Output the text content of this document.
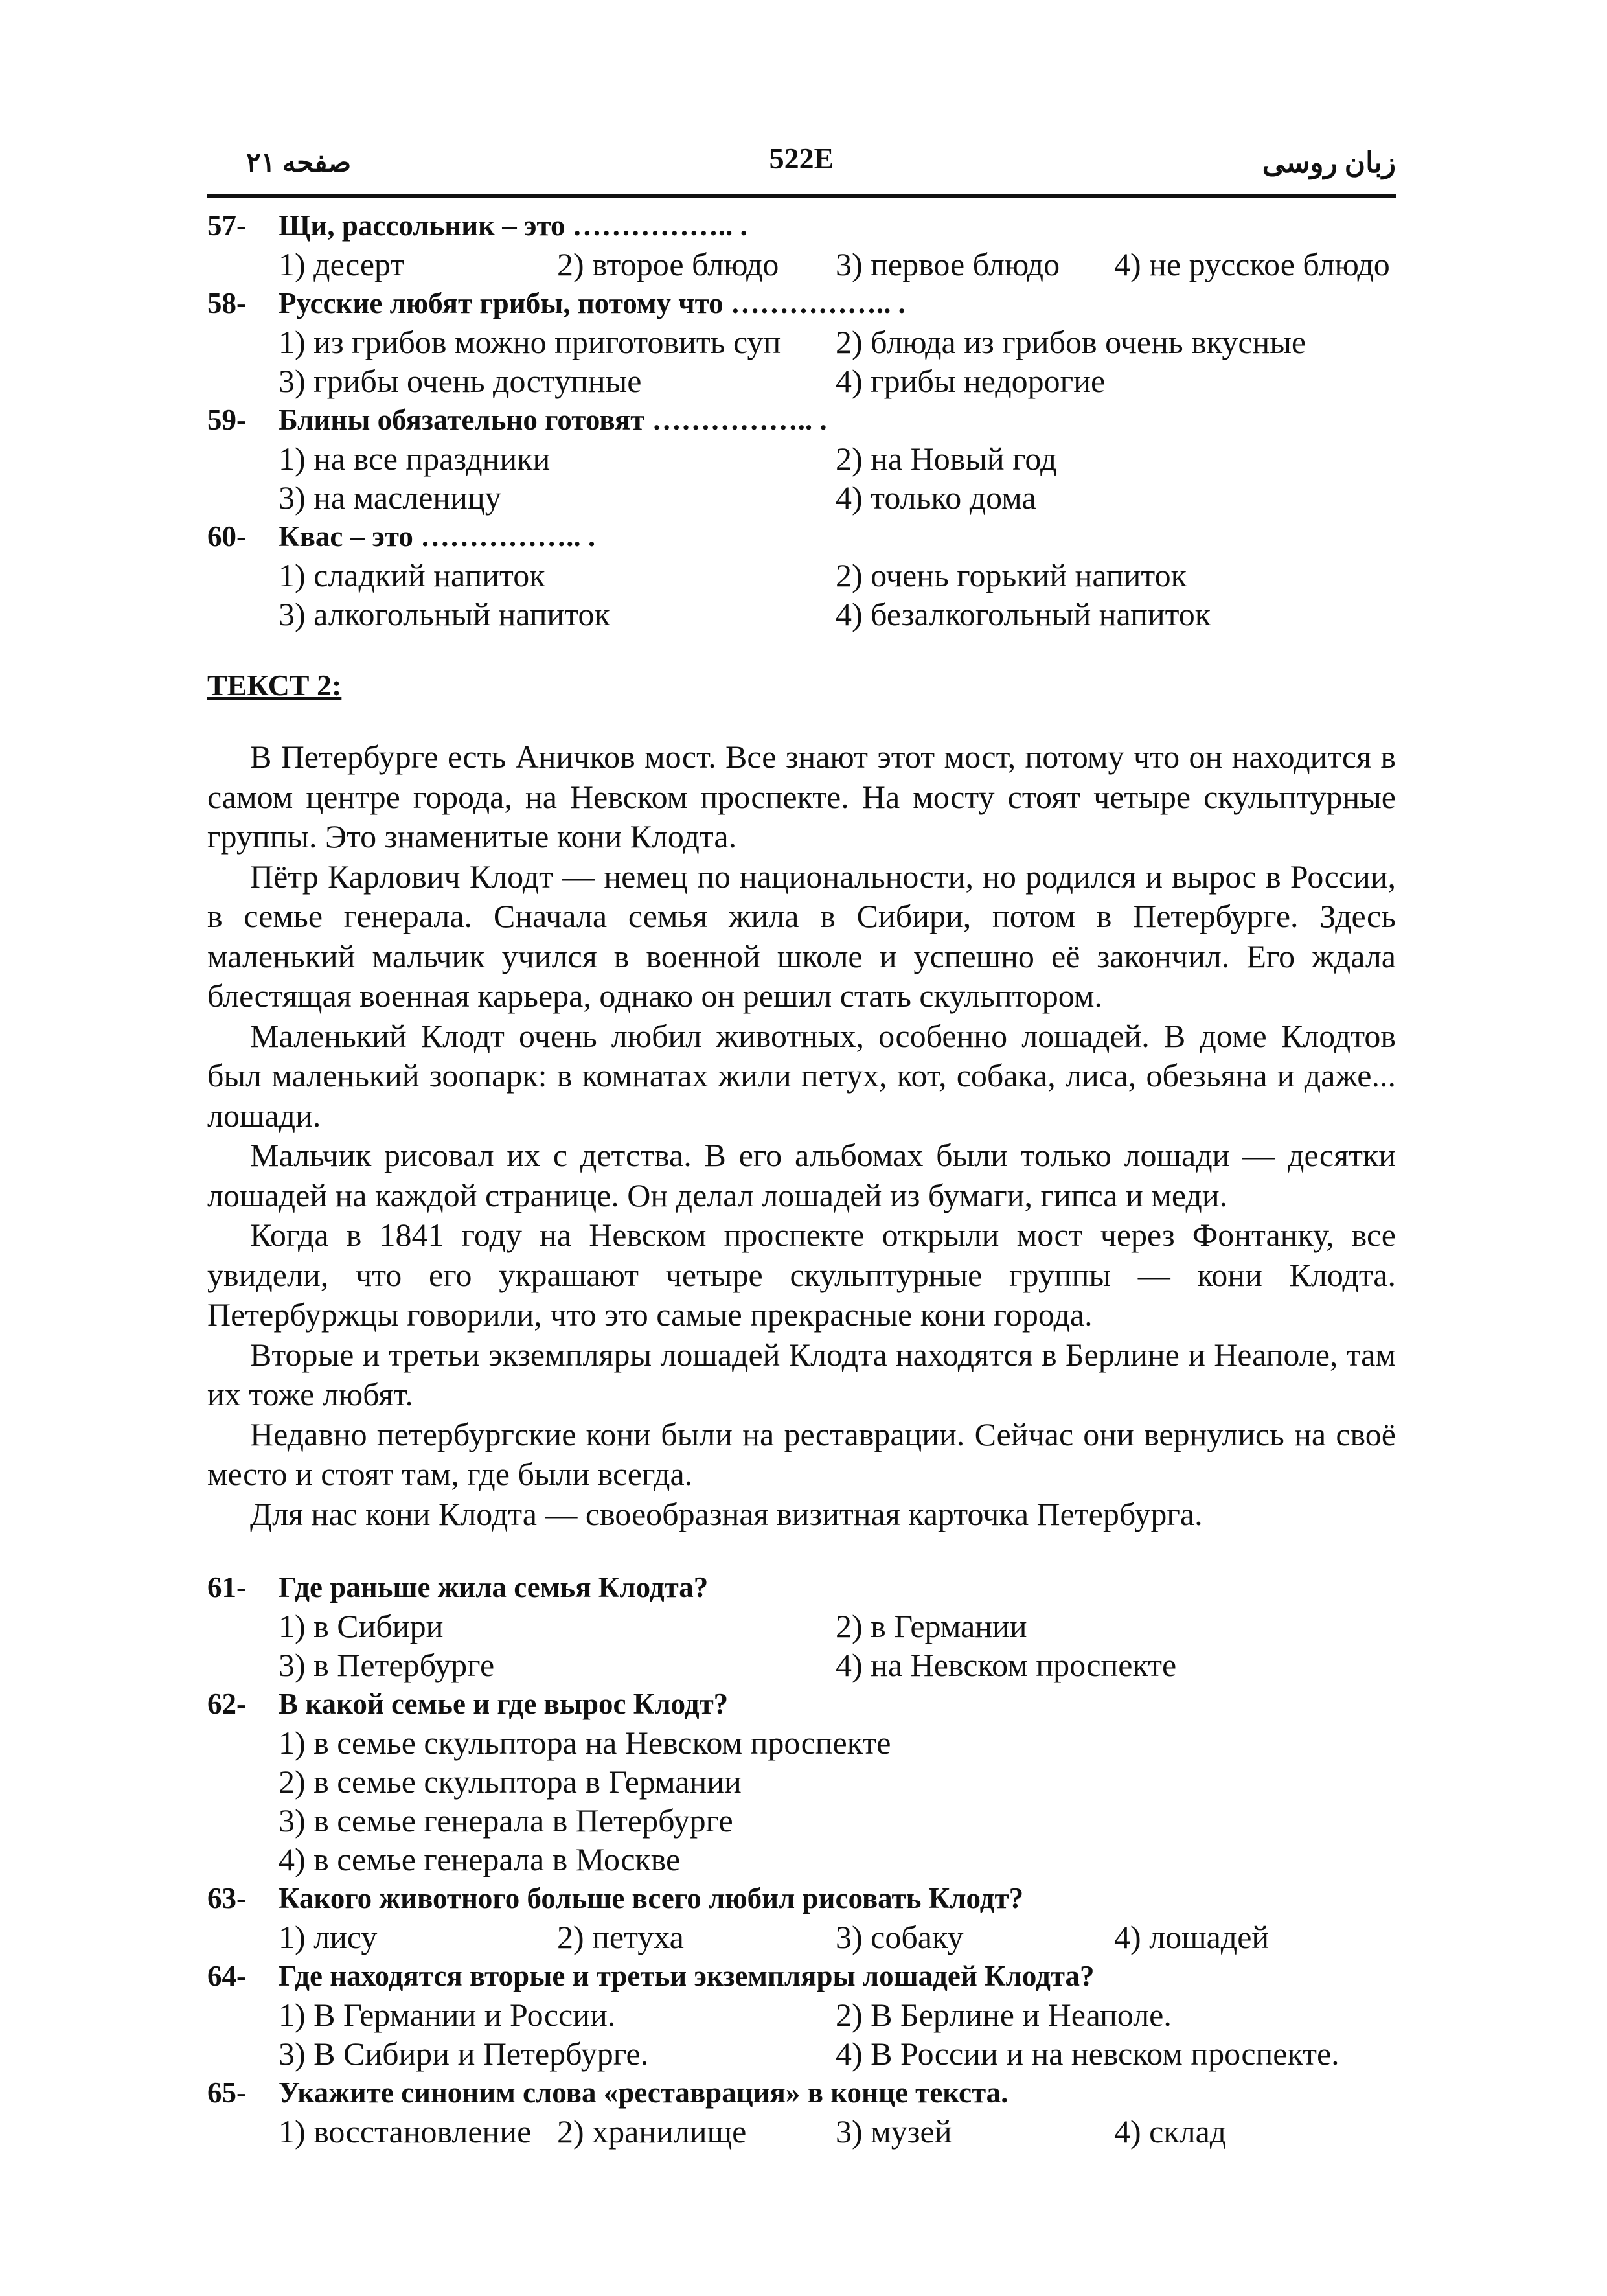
صفحه ۲۱	522E	زبان روسی
57-	Щи, рассольник – это …………….. .
1) десерт	2) второе блюдо	3) первое блюдо	4) не русское блюдо
58-	Русские любят грибы, потому что …………….. .
1) из грибов можно приготовить суп	2) блюда из грибов очень вкусные
3) грибы очень доступные	4) грибы недорогие
59-	Блины обязательно готовят …………….. .
1) на все праздники	2) на Новый год
3) на масленицу	4) только дома
60-	Квас – это …………….. .
1) сладкий напиток	2) очень горький напиток
3) алкогольный напиток	4) безалкогольный напиток
ТЕКСТ 2:

В Петербурге есть Аничков мост. Все знают этот мост, потому что он находится в самом центре города, на Невском проспекте. На мосту стоят четыре скульптурные группы. Это знаменитые кони Клодта.

Пётр Карлович Клодт — немец по национальности, но родился и вырос в России, в семье генерала. Сначала семья жила в Сибири, потом в Петербурге. Здесь маленький мальчик учился в военной школе и успешно её закончил. Его ждала блестящая военная карьера, однако он решил стать скульптором.

Маленький Клодт очень любил животных, особенно лошадей. В доме Клодтов был маленький зоопарк: в комнатах жили петух, кот, собака, лиса, обезьяна и даже... лошади.

Мальчик рисовал их с детства. В его альбомах были только лошади — десятки лошадей на каждой странице. Он делал лошадей из бумаги, гипса и меди.

Когда в 1841 году на Невском проспекте открыли мост через Фонтанку, все увидели, что его украшают четыре скульптурные группы — кони Клодта. Петербуржцы говорили, что это самые прекрасные кони города.

Вторые и третьи экземпляры лошадей Клодта находятся в Берлине и Неаполе, там их тоже любят.

Недавно петербургские кони были на реставрации. Сейчас они вернулись на своё место и стоят там, где были всегда.

Для нас кони Клодта — своеобразная визитная карточка Петербурга.

61-	Где раньше жила семья Клодта?
1) в Сибири	2) в Германии
3) в Петербурге	4) на Невском проспекте
62-	В какой семье и где вырос Клодт?
1) в семье скульптора на Невском проспекте
2) в семье скульптора в Германии
3) в семье генерала в Петербурге
4) в семье генерала в Москве
63-	Какого животного больше всего любил рисовать Клодт?
1) лису	2) петуха	3) собаку	4) лошадей
64-	Где находятся вторые и третьи экземпляры лошадей Клодта?
1) В Германии и России.	2) В Берлине и Неаполе.
3) В Сибири и Петербурге.	4) В России и на невском проспекте.
65-	Укажите синоним слова «реставрация» в конце текста.
1) восстановление 2) хранилище	3) музей	4) склад
